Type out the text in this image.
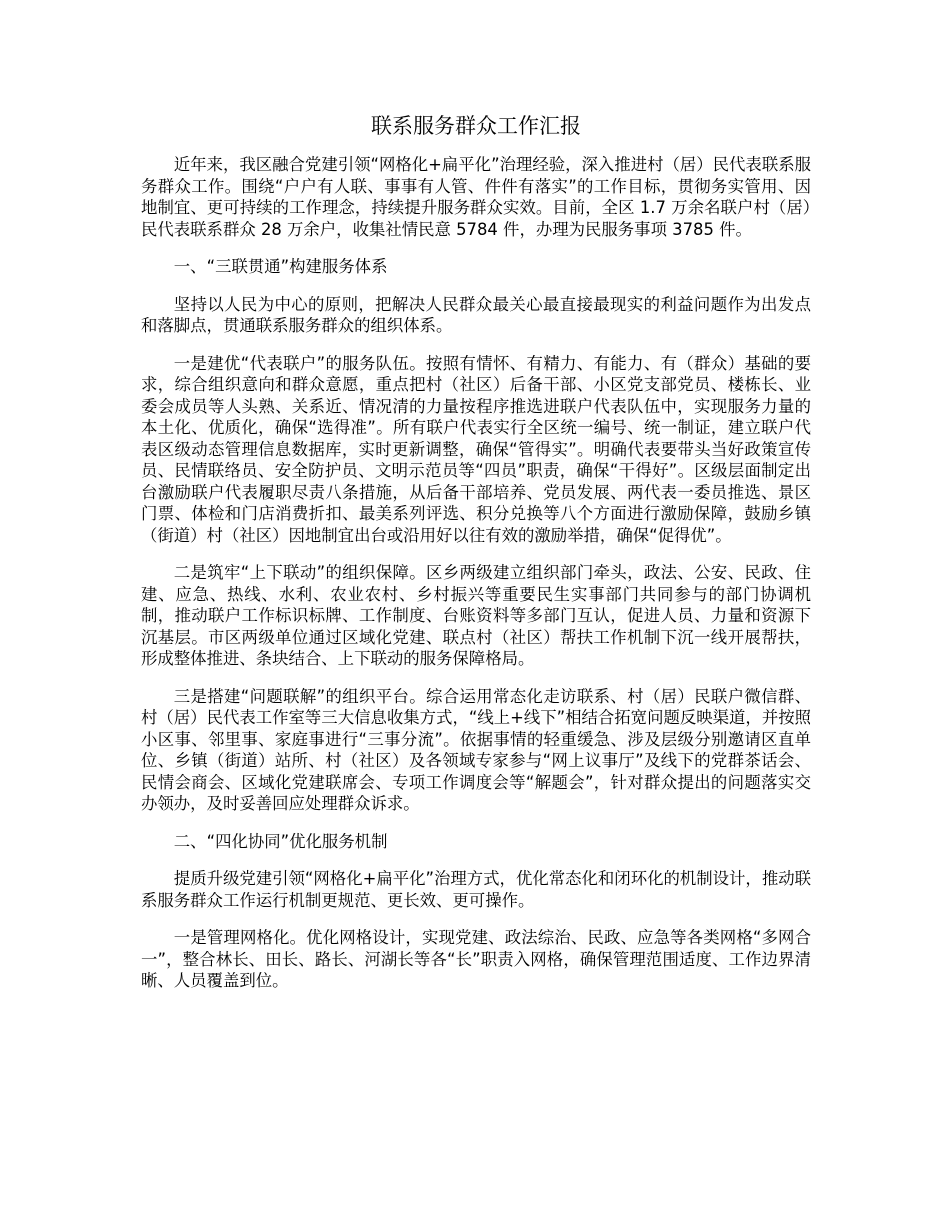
联系服务群众工作汇报

近年来，我区融合党建引领“网格化+扁平化”治理经验，深入推进村（居）民代表联系服务群众工作。围绕“户户有人联、事事有人管、件件有落实”的工作目标，贯彻务实管用、因地制宜、更可持续的工作理念，持续提升服务群众实效。目前，全区 1.7 万余名联户村（居）民代表联系群众 28 万余户，收集社情民意 5784 件，办理为民服务事项 3785 件。

一、“三联贯通”构建服务体系

坚持以人民为中心的原则，把解决人民群众最关心最直接最现实的利益问题作为出发点和落脚点，贯通联系服务群众的组织体系。

一是建优“代表联户”的服务队伍。按照有情怀、有精力、有能力、有（群众）基础的要求，综合组织意向和群众意愿，重点把村（社区）后备干部、小区党支部党员、楼栋长、业委会成员等人头熟、关系近、情况清的力量按程序推选进联户代表队伍中，实现服务力量的本土化、优质化，确保“选得准”。所有联户代表实行全区统一编号、统一制证，建立联户代表区级动态管理信息数据库，实时更新调整，确保“管得实”。明确代表要带头当好政策宣传员、民情联络员、安全防护员、文明示范员等“四员”职责，确保“干得好”。区级层面制定出台激励联户代表履职尽责八条措施，从后备干部培养、党员发展、两代表一委员推选、景区门票、体检和门店消费折扣、最美系列评选、积分兑换等八个方面进行激励保障，鼓励乡镇（街道）村（社区）因地制宜出台或沿用好以往有效的激励举措，确保“促得优”。

二是筑牢“上下联动”的组织保障。区乡两级建立组织部门牵头，政法、公安、民政、住建、应急、热线、水利、农业农村、乡村振兴等重要民生实事部门共同参与的部门协调机制，推动联户工作标识标牌、工作制度、台账资料等多部门互认，促进人员、力量和资源下沉基层。市区两级单位通过区域化党建、联点村（社区）帮扶工作机制下沉一线开展帮扶，形成整体推进、条块结合、上下联动的服务保障格局。

三是搭建“问题联解”的组织平台。综合运用常态化走访联系、村（居）民联户微信群、村（居）民代表工作室等三大信息收集方式，“线上+线下”相结合拓宽问题反映渠道，并按照小区事、邻里事、家庭事进行“三事分流”。依据事情的轻重缓急、涉及层级分别邀请区直单位、乡镇（街道）站所、村（社区）及各领域专家参与“网上议事厅”及线下的党群茶话会、民情会商会、区域化党建联席会、专项工作调度会等“解题会”，针对群众提出的问题落实交办领办，及时妥善回应处理群众诉求。

二、“四化协同”优化服务机制

提质升级党建引领“网格化+扁平化”治理方式，优化常态化和闭环化的机制设计，推动联系服务群众工作运行机制更规范、更长效、更可操作。

一是管理网格化。优化网格设计，实现党建、政法综治、民政、应急等各类网格“多网合一”，整合林长、田长、路长、河湖长等各“长”职责入网格，确保管理范围适度、工作边界清晰、人员覆盖到位。
